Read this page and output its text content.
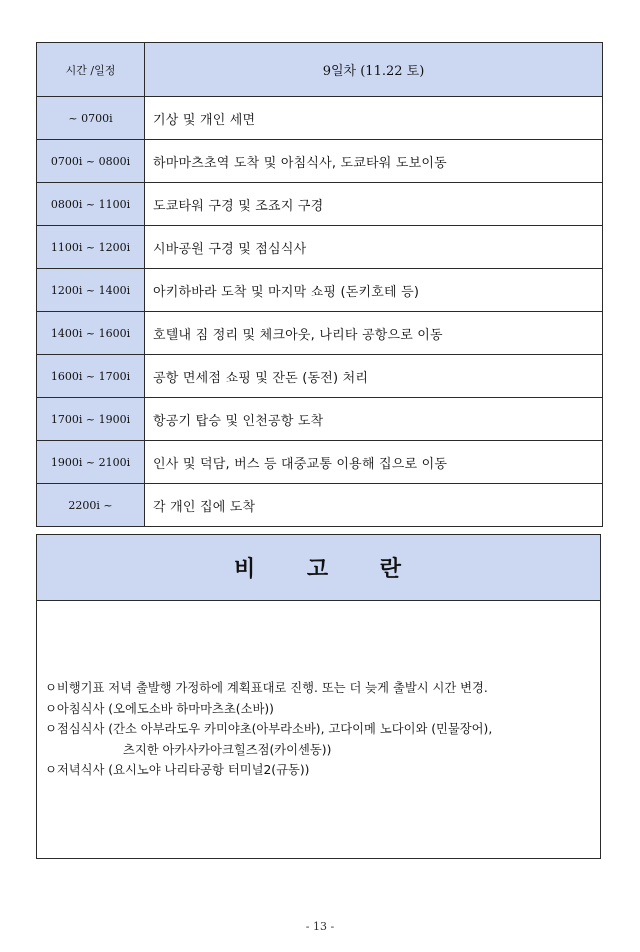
시간 /일정	9일차 (11.22 토)
~ 0700i	기상 및 개인 세면
0700i ~ 0800i	하마마츠초역 도착 및 아침식사, 도쿄타워 도보이동
0800i ~ 1100i	도쿄타워 구경 및 조죠지 구경
1100i ~ 1200i	시바공원 구경 및 점심식사
1200i ~ 1400i	아키하바라 도착 및 마지막 쇼핑 (돈키호테 등)
1400i ~ 1600i	호텔내 짐 정리 및 체크아웃, 나리타 공항으로 이동
1600i ~ 1700i	공항 면세점 쇼핑 및 잔돈 (동전) 처리
1700i ~ 1900i	항공기 탑승 및 인천공항 도착
1900i ~ 2100i	인사 및 덕담, 버스 등 대중교통 이용해 집으로 이동
2200i ~	각 개인 집에 도착
비 고 란
ㅇ비행기표 저녁 출발행 가정하에 계획표대로 진행. 또는 더 늦게 출발시 시간 변경.
ㅇ아침식사 (오에도소바 하마마츠초(소바))
ㅇ점심식사 (간소 아부라도우 카미야초(아부라소바), 고다이메 노다이와 (민물장어),
츠지한 아카사카아크힐즈점(카이센동))
ㅇ저녁식사 (요시노야 나리타공항 터미널2(규동))
- 13 -
